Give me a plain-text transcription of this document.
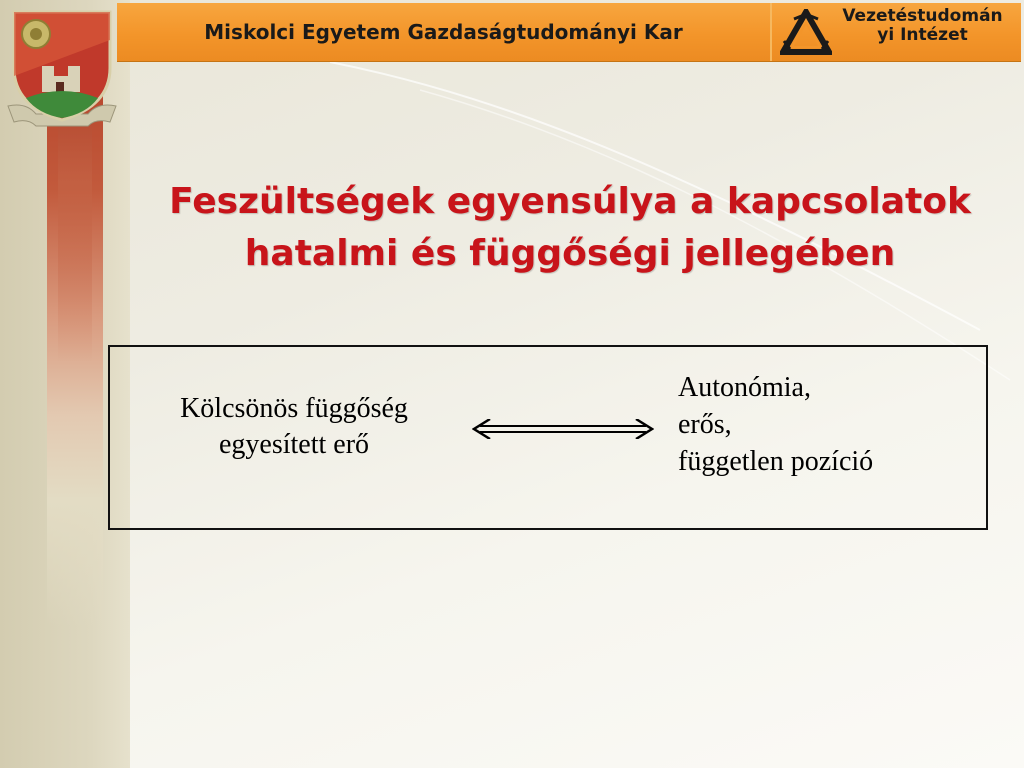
Miskolci Egyetem Gazdaságtudományi Kar
Vezetéstudomán
yi Intézet
Feszültségek egyensúlya a kapcsolatok
hatalmi és függőségi jellegében
Kölcsönös függőség
egyesített erő
Autonómia,
erős,
független pozíció
